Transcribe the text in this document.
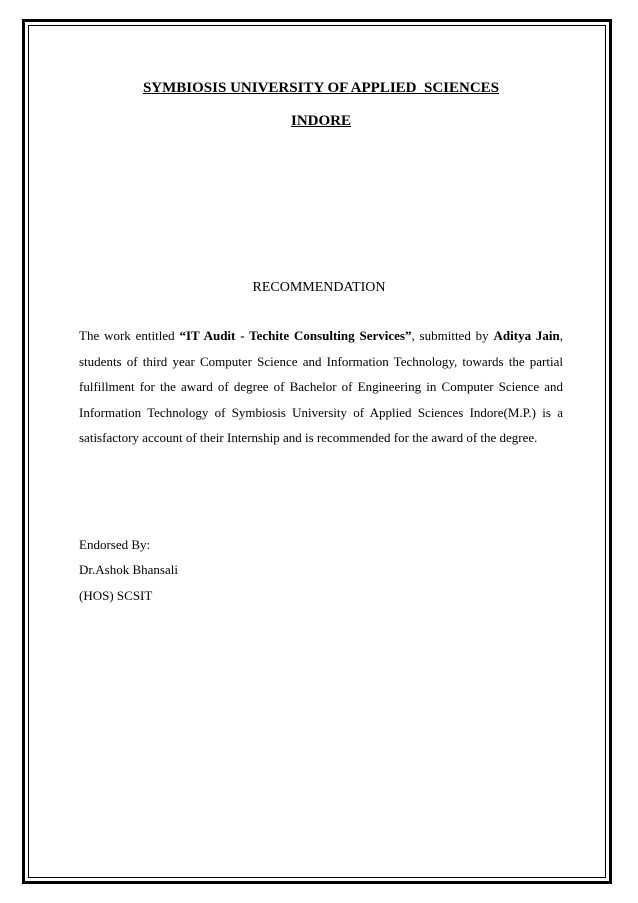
SYMBIOSIS UNIVERSITY OF APPLIED  SCIENCES
INDORE
RECOMMENDATION
The work entitled “IT Audit - Techite Consulting Services”, submitted by Aditya Jain, students of third year Computer Science and Information Technology, towards the partial fulfillment for the award of degree of Bachelor of Engineering in Computer Science and Information Technology of Symbiosis University of Applied Sciences Indore(M.P.) is a satisfactory account of their Internship and is recommended for the award of the degree.
Endorsed By:
Dr.Ashok Bhansali
(HOS) SCSIT
